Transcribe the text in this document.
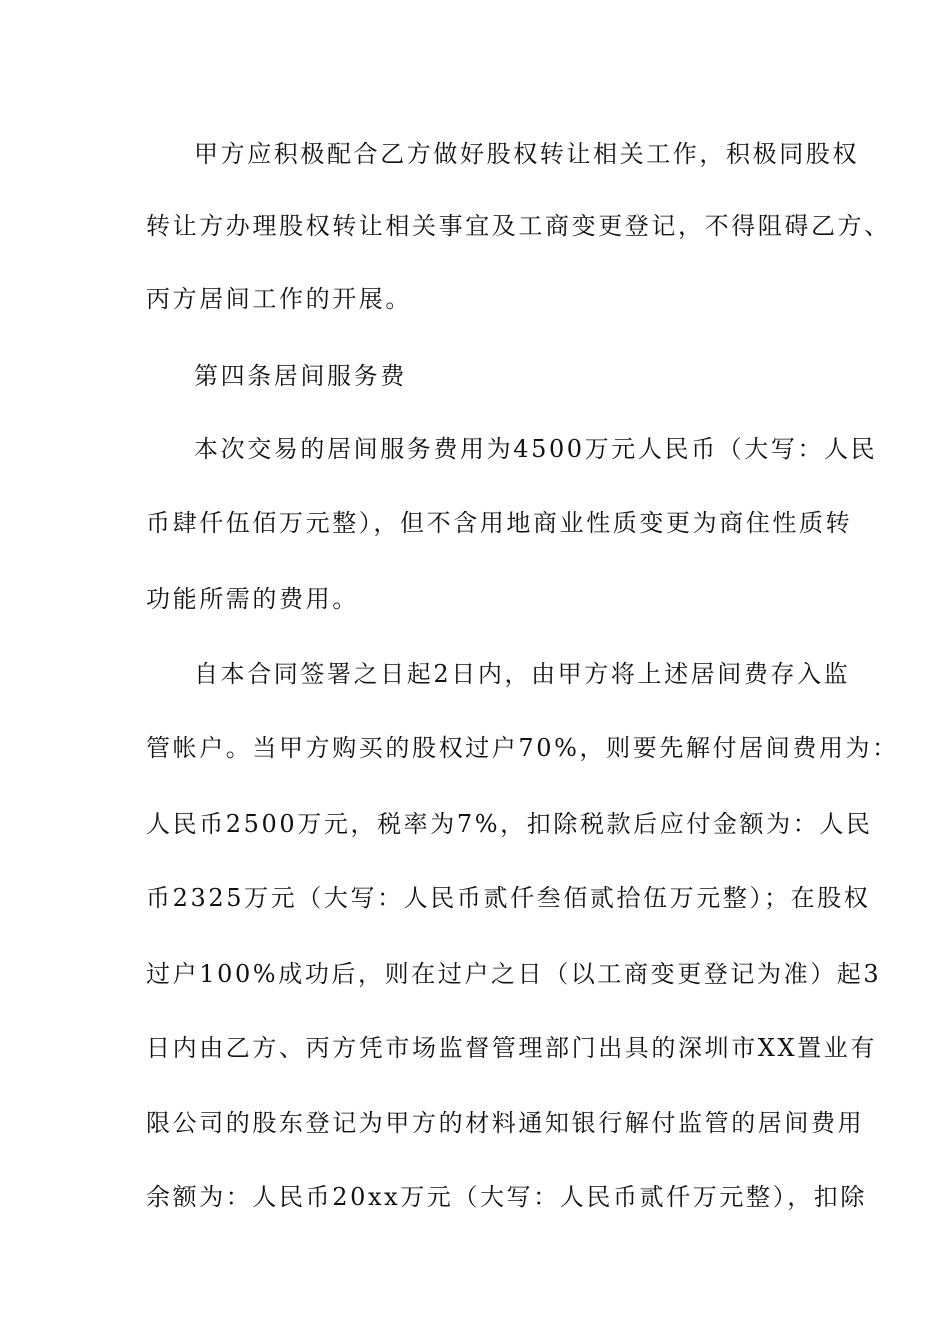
甲方应积极配合乙方做好股权转让相关工作，积极同股权
转让方办理股权转让相关事宜及工商变更登记，不得阻碍乙方、
丙方居间工作的开展。
第四条居间服务费
本次交易的居间服务费用为4500万元人民币（大写：人民
币肆仟伍佰万元整），但不含用地商业性质变更为商住性质转
功能所需的费用。
自本合同签署之日起2日内，由甲方将上述居间费存入监
管帐户。当甲方购买的股权过户70%，则要先解付居间费用为：
人民币2500万元，税率为7%，扣除税款后应付金额为：人民
币2325万元（大写：人民币贰仟叁佰贰拾伍万元整）；在股权
过户100%成功后，则在过户之日（以工商变更登记为准）起3
日内由乙方、丙方凭市场监督管理部门出具的深圳市XX置业有
限公司的股东登记为甲方的材料通知银行解付监管的居间费用
余额为：人民币20xx万元（大写：人民币贰仟万元整），扣除
